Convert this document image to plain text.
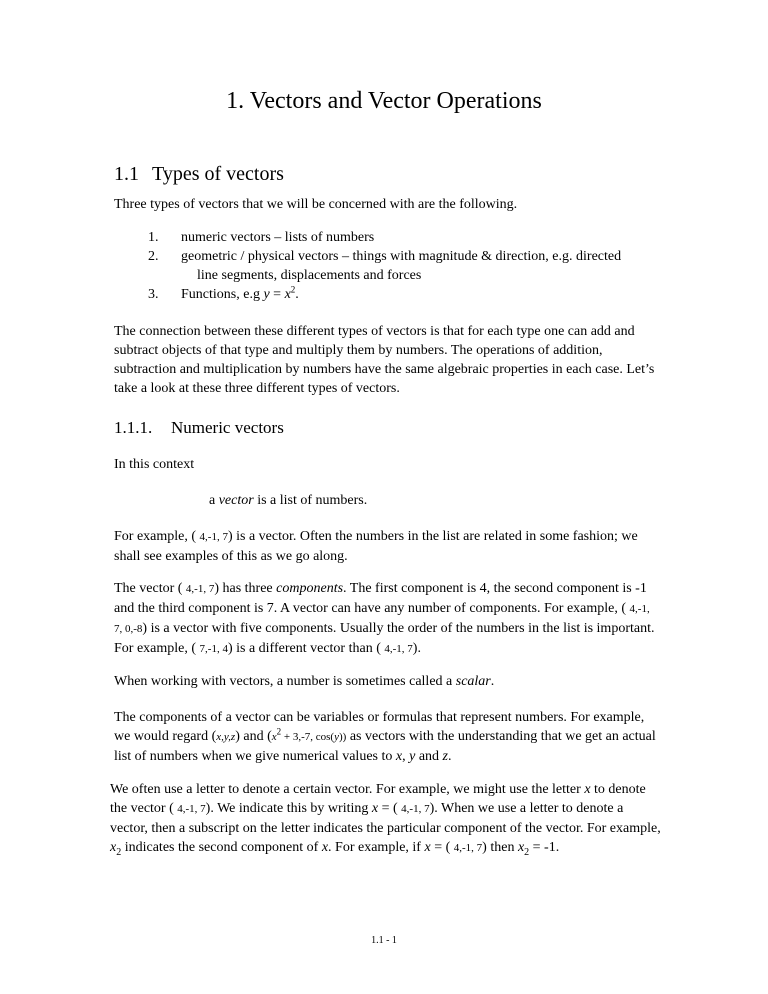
1. Vectors and Vector Operations
1.1 Types of vectors

Three types of vectors that we will be concerned with are the following.

1.	numeric vectors – lists of numbers
2.	geometric / physical vectors – things with magnitude & direction, e.g. directed
line segments, displacements and forces
3.	Functions, e.g $y = x^2$.

The connection between these different types of vectors is that for each type one can add and subtract objects of that type and multiply them by numbers. The operations of addition, subtraction and multiplication by numbers have the same algebraic properties in each case. Let’s take a look at these three different types of vectors.

1.1.1. Numeric vectors

In this context

a vector is a list of numbers.

For example, ( 4,-1, 7) is a vector. Often the numbers in the list are related in some fashion; we shall see examples of this as we go along.

The vector ( 4,-1, 7) has three components. The first component is 4, the second component is -1 and the third component is 7. A vector can have any number of components. For example, ( 4,-1, 7, 0,-8) is a vector with five components. Usually the order of the numbers in the list is important. For example, ( 7,-1, 4) is a different vector than ( 4,-1, 7).

When working with vectors, a number is sometimes called a scalar.

The components of a vector can be variables or formulas that represent numbers. For example, we would regard (x,y,z) and ($x^2 + 3,-7$, cos(y)) as vectors with the understanding that we get an actual list of numbers when we give numerical values to x, y and z.

We often use a letter to denote a certain vector. For example, we might use the letter x to denote the vector ( 4,-1, 7). We indicate this by writing x = ( 4,-1, 7). When we use a letter to denote a vector, then a subscript on the letter indicates the particular component of the vector. For example, $x_2$ indicates the second component of x. For example, if x = ( 4,-1, 7) then $x_2 = -1$.

1.1 - 1
